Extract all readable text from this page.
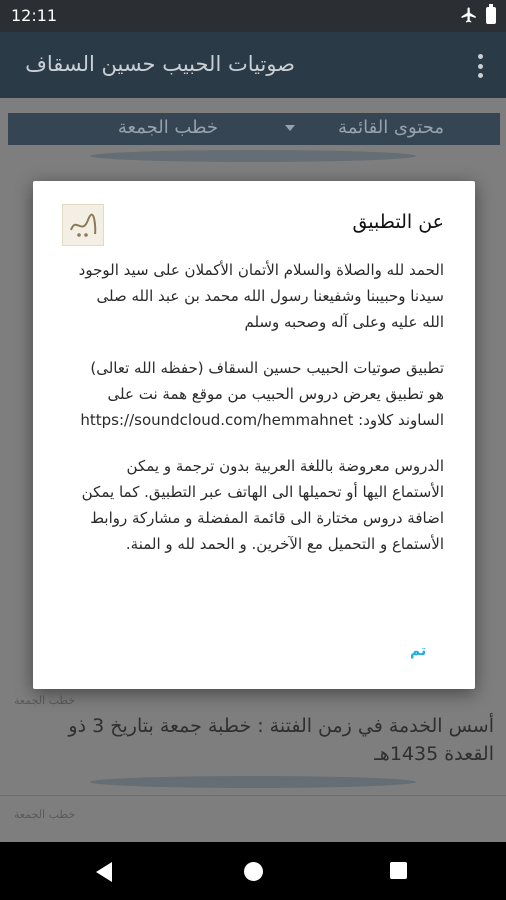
12:11
صوتيات الحبيب حسين السقاف
محتوى القائمة
خطب الجمعة
خطب الجمعة
أسس الخدمة في زمن الفتنة : خطبة جمعة بتاريخ 3 ذو القعدة 1435هـ
خطب الجمعة
عن التطبيق

الحمد لله والصلاة والسلام الأتمان الأكملان على سيد الوجود سيدنا وحبيبنا وشفيعنا رسول الله محمد بن عبد الله صلى الله عليه وعلى آله وصحبه وسلم

تطبيق صوتيات الحبيب حسين السقاف (حفظه الله تعالى) هو تطبيق يعرض دروس الحبيب من موقع همة نت على الساوند كلاود: https://soundcloud.com/hemmahnet

الدروس معروضة باللغة العربية بدون ترجمة و يمكن الأستماع اليها أو تحميلها الى الهاتف عبر التطبيق. كما يمكن اضافة دروس مختارة الى قائمة المفضلة و مشاركة روابط الأستماع و التحميل مع الآخرين. و الحمد لله و المنة.

تم
